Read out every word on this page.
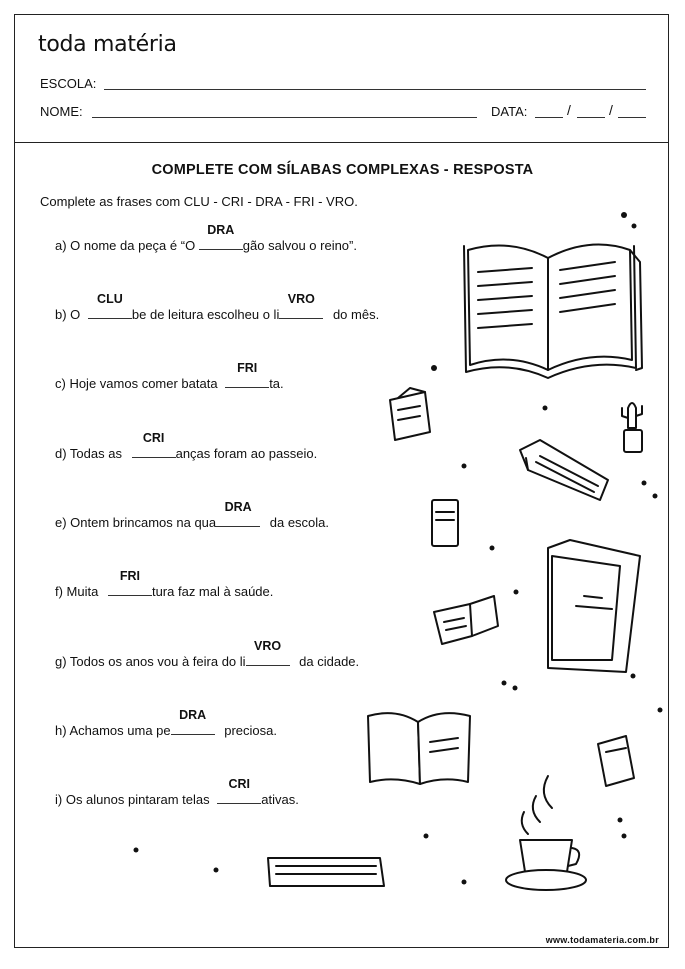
toda matéria
ESCOLA:
NOME:	DATA:	/	/
COMPLETE COM SÍLABAS COMPLEXAS - RESPOSTA
Complete as frases com CLU - CRI - DRA - FRI - VRO.
a) O nome da peça é “O
DRA
gão salvou o reino”.
b) O
CLU
be de leitura escolheu o li
VRO
do mês.
c) Hoje vamos comer batata
FRI
ta.
d) Todas as
CRI
anças foram ao passeio.
e) Ontem brincamos na qua
DRA
da escola.
f) Muita
FRI
tura faz mal à saúde.
g) Todos os anos vou à feira do li
VRO
da cidade.
h) Achamos uma pe
DRA
preciosa.
i) Os alunos pintaram telas
CRI
ativas.
www.todamateria.com.br
